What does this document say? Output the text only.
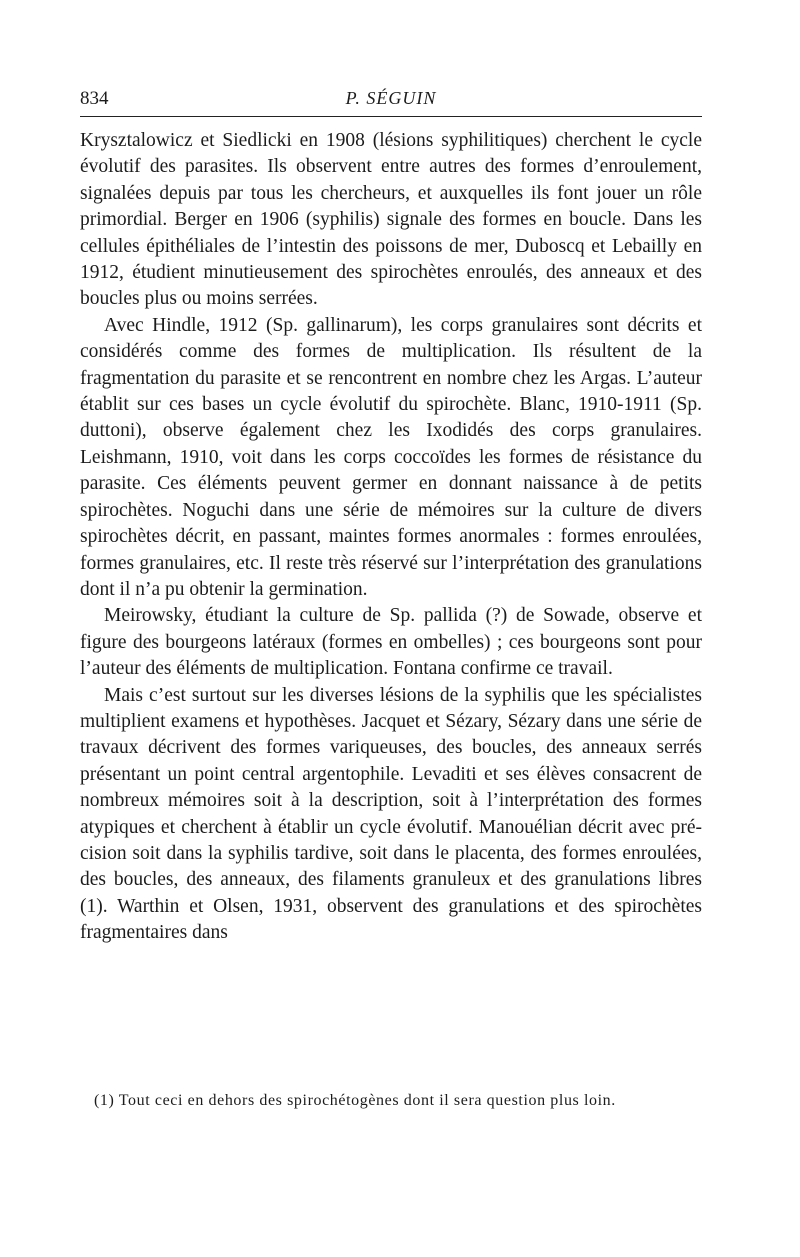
834	P. SÉGUIN

Krysztalowicz et Siedlicki en 1908 (lésions syphilitiques) cherchent le cycle évolutif des parasites. Ils observent entre autres des formes d’enroulement, signalées depuis par tous les chercheurs, et auxquelles ils font jouer un rôle primordial. Berger en 1906 (syphilis) signale des formes en boucle. Dans les cellules épithéliales de l’intestin des poissons de mer, Duboscq et Lebailly en 1912, étudient minutieusement des spirochètes enroulés, des anneaux et des boucles plus ou moins serrées.

Avec Hindle, 1912 (Sp. gallinarum), les corps granulaires sont décrits et considérés comme des formes de multiplication. Ils résultent de la fragmentation du parasite et se rencontrent en nombre chez les Argas. L’auteur établit sur ces bases un cycle évolutif du spirochète. Blanc, 1910-1911 (Sp. duttoni), observe également chez les Ixodidés des corps granulaires. Leishmann, 1910, voit dans les corps coccoïdes les formes de résistance du parasite. Ces éléments peuvent germer en donnant naissance à de petits spirochètes. Noguchi dans une série de mémoires sur la culture de divers spirochètes décrit, en passant, maintes formes anormales : formes enroulées, formes granulaires, etc. Il reste très réservé sur l’interprétation des granulations dont il n’a pu obtenir la germination.

Meirowsky, étudiant la culture de Sp. pallida (?) de Sowade, observe et figure des bourgeons latéraux (formes en ombelles) ; ces bourgeons sont pour l’auteur des éléments de multiplication. Fontana confirme ce travail.

Mais c’est surtout sur les diverses lésions de la syphilis que les spécialistes multiplient examens et hypothèses. Jacquet et Sézary, Sézary dans une série de travaux décrivent des formes variqueuses, des boucles, des anneaux serrés présentant un point central argentophile. Levaditi et ses élèves consacrent de nombreux mémoires soit à la description, soit à l’interprétation des formes atypiques et cherchent à établir un cycle évolutif. Manouélian décrit avec précision soit dans la syphilis tardive, soit dans le placenta, des formes enroulées, des boucles, des anneaux, des filaments granuleux et des granulations libres (1). Warthin et Olsen, 1931, observent des granulations et des spirochètes fragmentaires dans

(1) Tout ceci en dehors des spirochétogènes dont il sera question plus loin.
